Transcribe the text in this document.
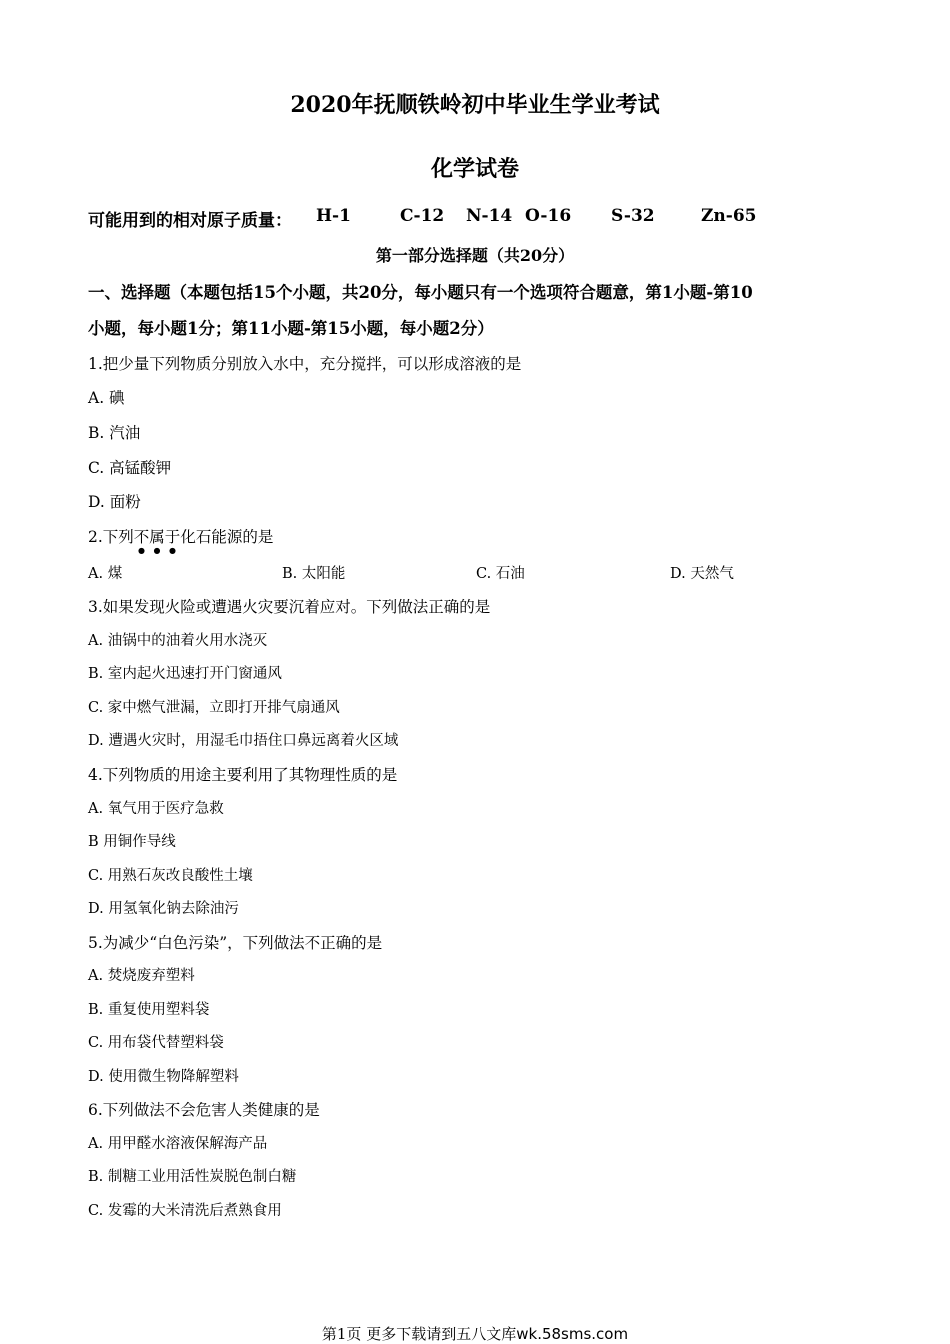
2020年抚顺铁岭初中毕业生学业考试
化学试卷
可能用到的相对原子质量： H-1	C-12 N-14 O-16 S-32	Zn-65
第一部分选择题（共20分）
一、选择题（本题包括15个小题，共20分，每小题只有一个选项符合题意，第1小题-第10
小题，每小题1分；第11小题-第15小题，每小题2分）
1.把少量下列物质分别放入水中，充分搅拌，可以形成溶液的是
A. 碘
B. 汽油
C. 高锰酸钾
D. 面粉
2.下列不属于化石能源的是
A. 煤	B. 太阳能	C. 石油	D. 天然气
3.如果发现火险或遭遇火灾要沉着应对。下列做法正确的是
A. 油锅中的油着火用水浇灭
B. 室内起火迅速打开门窗通风
C. 家中燃气泄漏，立即打开排气扇通风
D. 遭遇火灾时，用湿毛巾捂住口鼻远离着火区域
4.下列物质的用途主要利用了其物理性质的是
A. 氧气用于医疗急救
B 用铜作导线
C. 用熟石灰改良酸性土壤
D. 用氢氧化钠去除油污
5.为减少“白色污染”，下列做法不正确的是
A. 焚烧废弃塑料
B. 重复使用塑料袋
C. 用布袋代替塑料袋
D. 使用微生物降解塑料
6.下列做法不会危害人类健康的是
A. 用甲醛水溶液保解海产品
B. 制糖工业用活性炭脱色制白糖
C. 发霉的大米清洗后煮熟食用
第1页 更多下载请到五八文库wk.58sms.com
